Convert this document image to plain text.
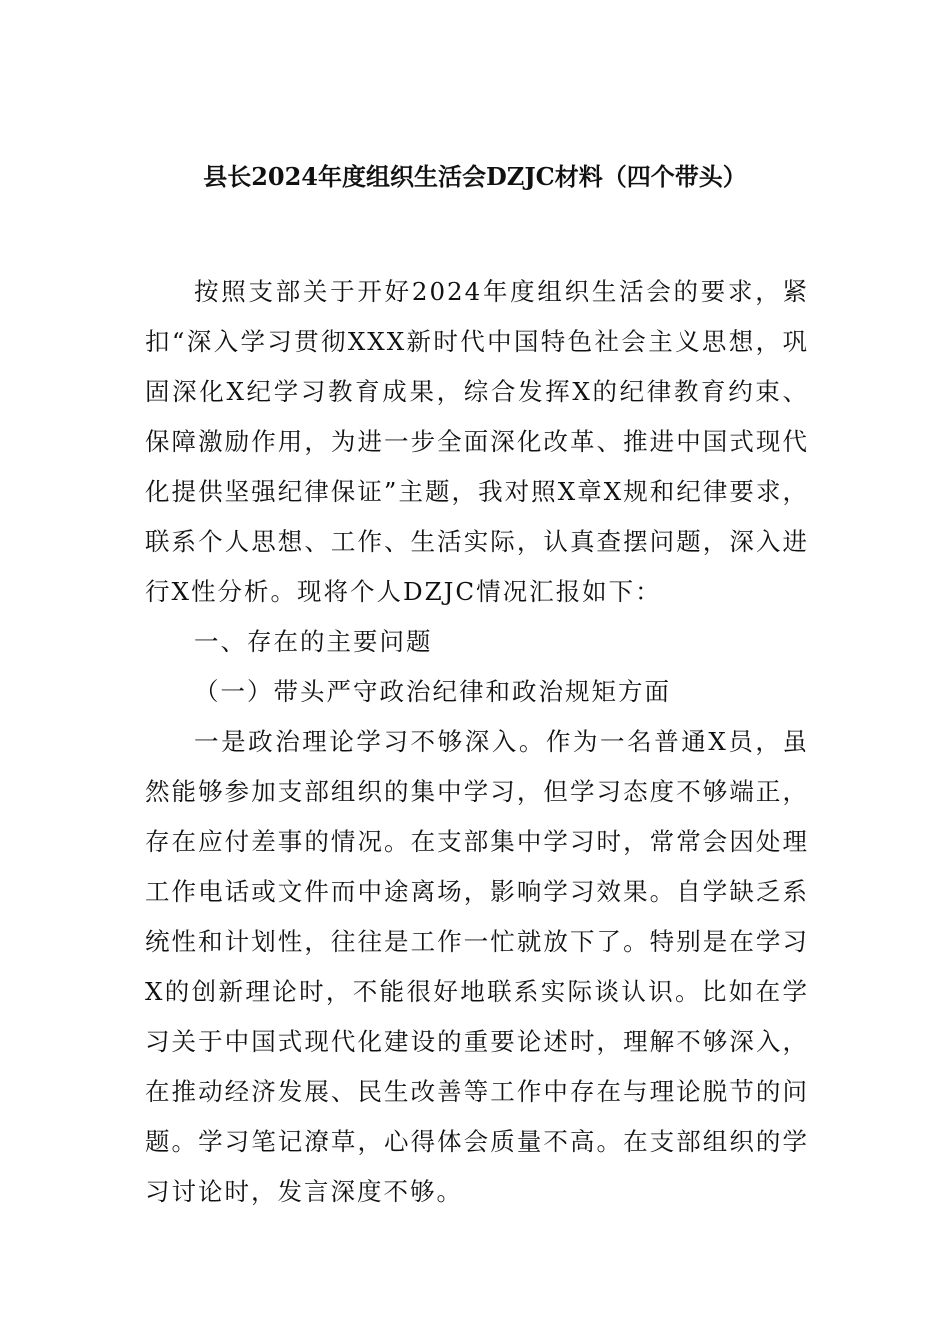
县长2024年度组织生活会DZJC材料（四个带头）

按照支部关于开好2024年度组织生活会的要求，紧扣“深入学习贯彻XXX新时代中国特色社会主义思想，巩固深化X纪学习教育成果，综合发挥X的纪律教育约束、保障激励作用，为进一步全面深化改革、推进中国式现代化提供坚强纪律保证”主题，我对照X章X规和纪律要求，联系个人思想、工作、生活实际，认真查摆问题，深入进行X性分析。现将个人DZJC情况汇报如下：

一、存在的主要问题

（一）带头严守政治纪律和政治规矩方面

一是政治理论学习不够深入。作为一名普通X员，虽然能够参加支部组织的集中学习，但学习态度不够端正，存在应付差事的情况。在支部集中学习时，常常会因处理工作电话或文件而中途离场，影响学习效果。自学缺乏系统性和计划性，往往是工作一忙就放下了。特别是在学习X的创新理论时，不能很好地联系实际谈认识。比如在学习关于中国式现代化建设的重要论述时，理解不够深入，在推动经济发展、民生改善等工作中存在与理论脱节的问题。学习笔记潦草，心得体会质量不高。在支部组织的学习讨论时，发言深度不够。
